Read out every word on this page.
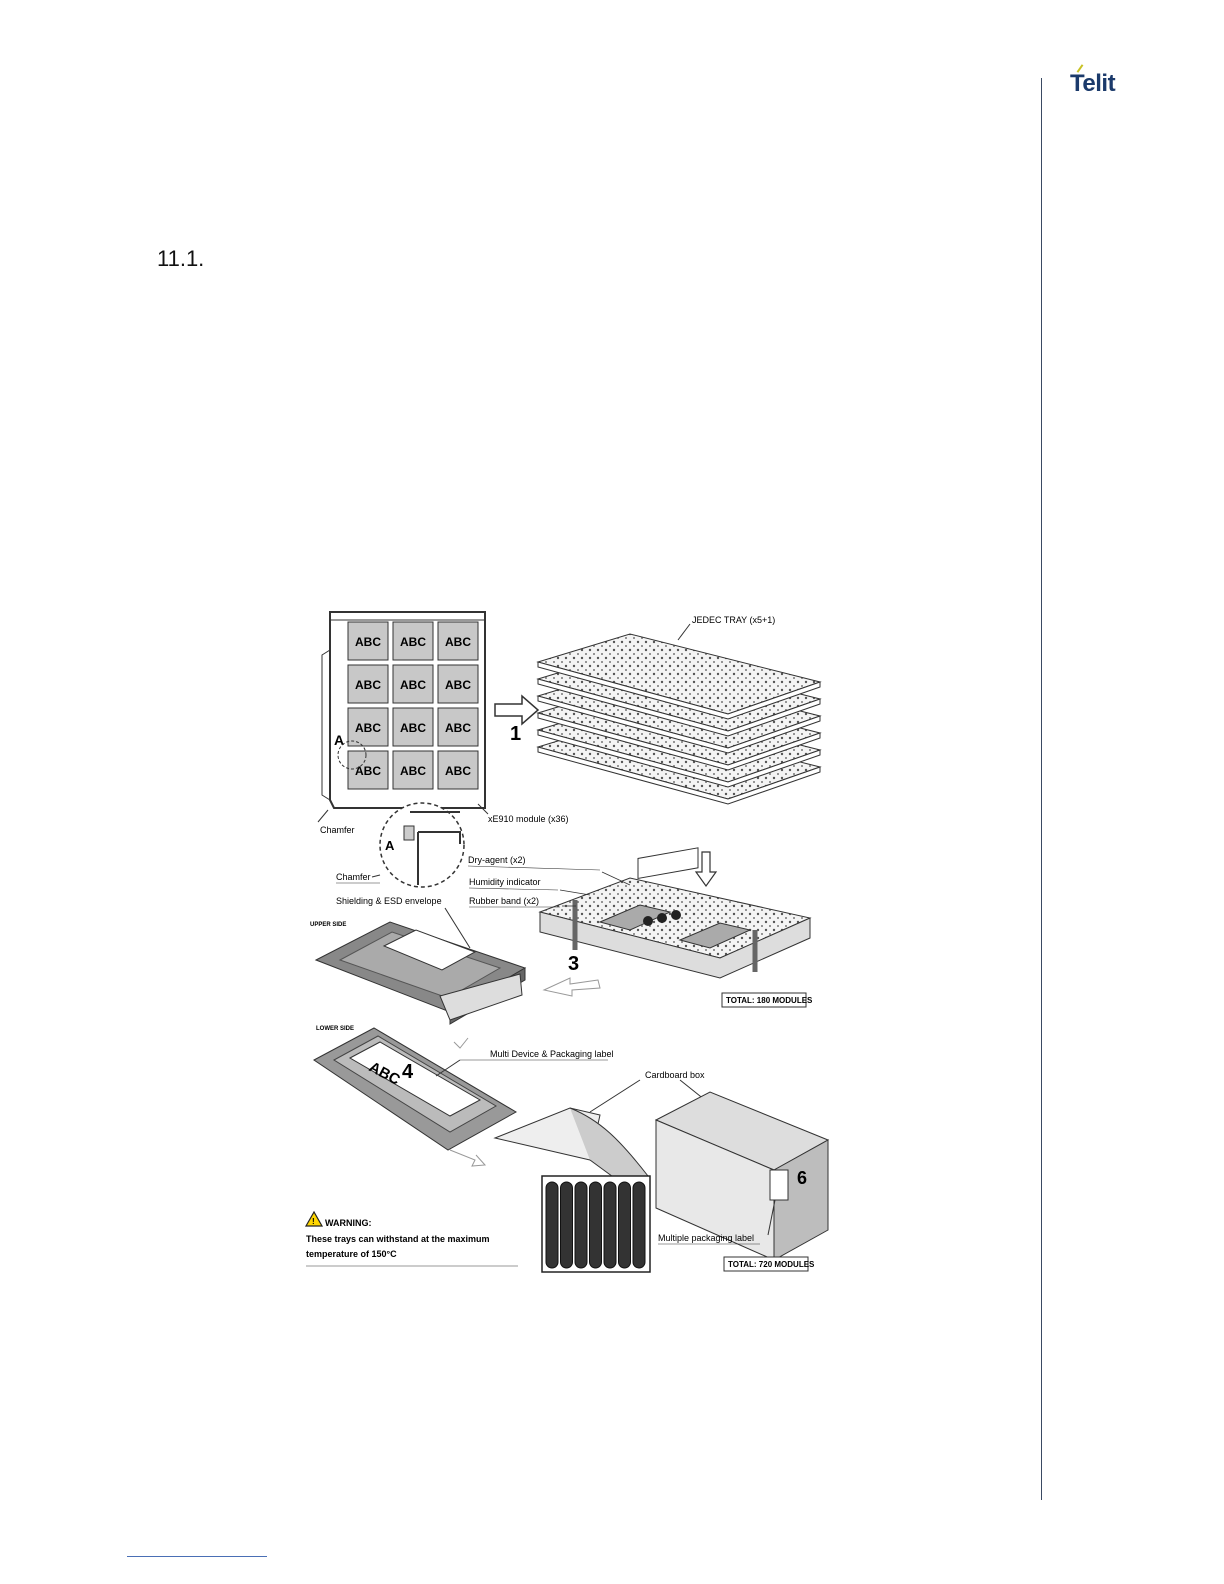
Telit
11.1.
ABC ABC ABC
ABC ABC ABC
ABC ABC ABC
ABC ABC ABC
A
Chamfer
xE910 module (x36)
A
Chamfer
1
JEDEC TRAY (x5+1)
Dry-agent (x2)
Humidity indicator
Rubber band (x2)
TOTAL: 180 MODULES
3
Shielding & ESD envelope
UPPER SIDE
LOWER SIDE
ABC 4
Multi Device & Packaging label
Cardboard box
6
Multiple packaging label
TOTAL: 720 MODULES
! WARNING:
These trays can withstand at the maximum
temperature of 150°C
